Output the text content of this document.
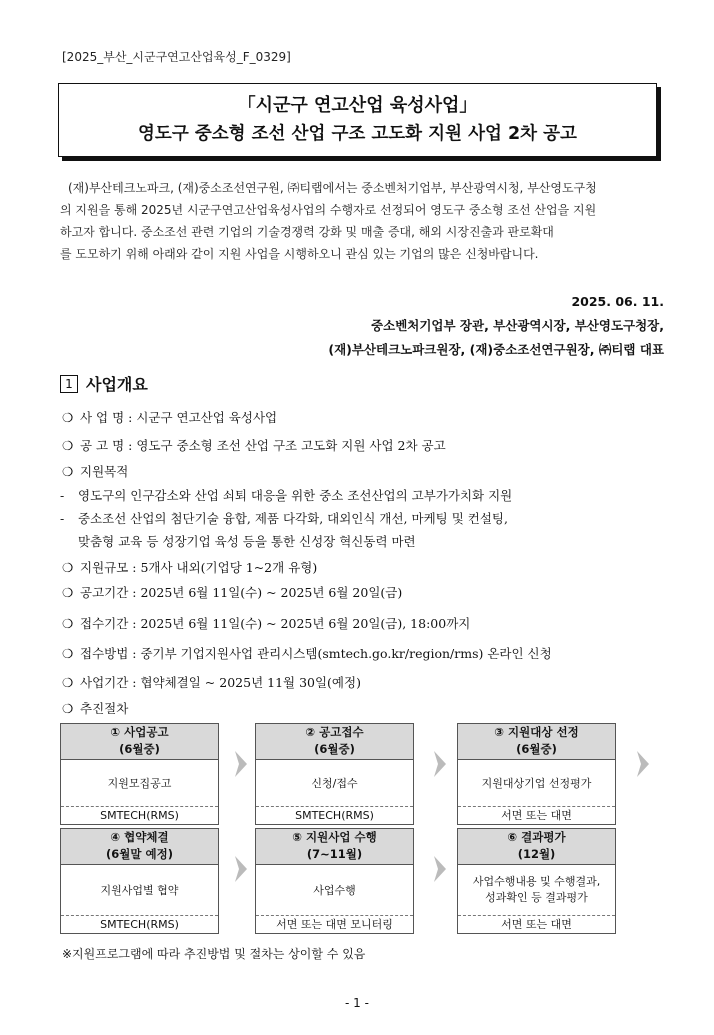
[2025_부산_시군구연고산업육성_F_0329]
「시군구 연고산업 육성사업」
영도구 중소형 조선 산업 구조 고도화 지원 사업 2차 공고
(재)부산테크노파크, (재)중소조선연구원, ㈜티랩에서는 중소벤처기업부, 부산광역시청, 부산영도구청
의 지원을 통해 2025년 시군구연고산업육성사업의 수행자로 선정되어 영도구 중소형 조선 산업을 지원
하고자 합니다. 중소조선 관련 기업의 기술경쟁력 강화 및 매출 증대, 해외 시장진출과 판로확대
를 도모하기 위해 아래와 같이 지원 사업을 시행하오니 관심 있는 기업의 많은 신청바랍니다.
2025. 06. 11.
중소벤처기업부 장관, 부산광역시장, 부산영도구청장,
(재)부산테크노파크원장, (재)중소조선연구원장, ㈜티랩 대표
1 사업개요
❍ 사 업 명 : 시군구 연고산업 육성사업
❍ 공 고 명 : 영도구 중소형 조선 산업 구조 고도화 지원 사업 2차 공고
❍ 지원목적
- 영도구의 인구감소와 산업 쇠퇴 대응을 위한 중소 조선산업의 고부가가치화 지원
- 중소조선 산업의 첨단기술 융합, 제품 다각화, 대외인식 개선, 마케팅 및 컨설팅,
맞춤형 교육 등 성장기업 육성 등을 통한 신성장 혁신동력 마련
❍ 지원규모 : 5개사 내외(기업당 1~2개 유형)
❍ 공고기간 : 2025년 6월 11일(수) ~ 2025년 6월 20일(금)
❍ 접수기간 : 2025년 6월 11일(수) ~ 2025년 6월 20일(금), 18:00까지
❍ 접수방법 : 중기부 기업지원사업 관리시스템(smtech.go.kr/region/rms) 온라인 신청
❍ 사업기간 : 협약체결일 ~ 2025년 11월 30일(예정)
❍ 추진절차
① 사업공고
(6월중)
지원모집공고
SMTECH(RMS)
② 공고접수
(6월중)
신청/접수
SMTECH(RMS)
③ 지원대상 선정
(6월중)
지원대상기업 선정평가
서면 또는 대면
④ 협약체결
(6월말 예정)
지원사업별 협약
SMTECH(RMS)
⑤ 지원사업 수행
(7~11월)
사업수행
서면 또는 대면 모니터링
⑥ 결과평가
(12월)
사업수행내용 및 수행결과, 성과확인 등 결과평가
서면 또는 대면
※지원프로그램에 따라 추진방법 및 절차는 상이할 수 있음
- 1 -
